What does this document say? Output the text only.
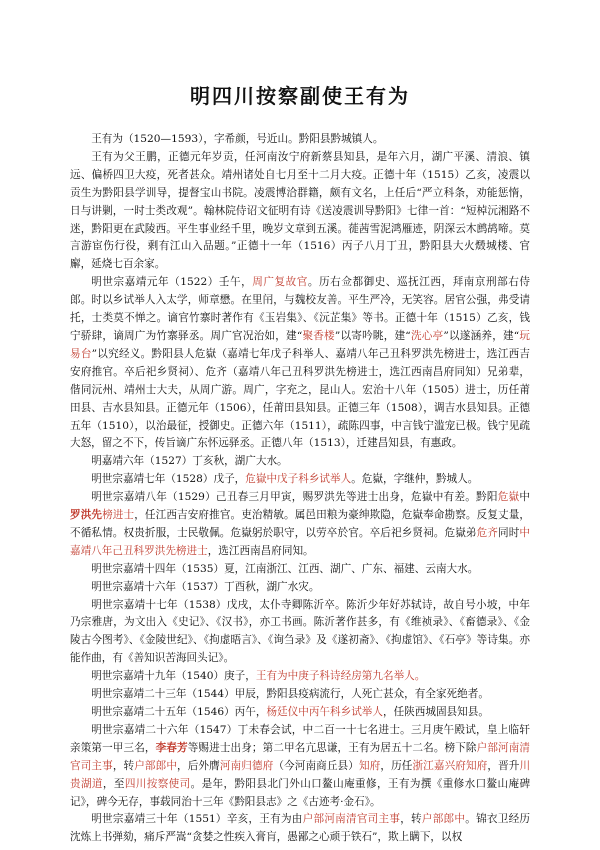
明四川按察副使王有为

王有为（1520—1593），字希颜，号近山。黔阳县黔城镇人。

王有为父王鹏，正德元年岁贡，任河南汝宁府新蔡县知县，是年六月，湖广平溪、清浪、镇远、偏桥四卫大疫，死者甚众。靖州诸处自七月至十二月大疫。正德十年（1515）乙亥，凌震以贡生为黔阳县学训导，提督宝山书院。凌震博洽群籍，颇有文名，上任后“严立科条，劝能惩惰，日与讲剿，一时士类改观”。翰林院侍诏文征明有诗《送凌震训导黔阳》七律一首：“短棹沅湘路不迷，黔阳更在武陵西。平生事业经千里，晚岁文章到五溪。蓰茜雪泥鸿雁迹，阴深云木鹧鸪啼。莫言游宦伤行役，剩有江山入品题。”正德十一年（1516）丙子八月丁丑，黔阳县大火燬城楼、官廨，延烧七百余家。

明世宗嘉靖元年（1522）壬午，周广复故官。历右佥都御史、巡抚江西，拜南京刑部右侍郎。时以乡试举人入太学，师章懋。在里闬，与魏校友善。平生严冷，无笑容。居官公强，弗受请托，士类莫不惮之。谪官竹寨时著作有《玉岩集》、《沅芷集》等书。正德十年（1515）乙亥，钱宁骄肆，谪周广为竹寨驿丞。周广官况治如，建“聚香楼”以寄吟眺，建“洗心亭”以遂涵养，建“玩易台”以究经义。黔阳县人危嶽（嘉靖七年戊子科举人、嘉靖八年己丑科罗洪先榜进士，选江西吉安府推官。卒后祀乡贤祠）、危齐（嘉靖八年己丑科罗洪先榜进士，选江西南昌府同知）兄弟辈，偕同沅州、靖州士大夫，从周广游。周广，字充之，昆山人。宏治十八年（1505）进士，历任莆田县、吉水县知县。正德元年（1506），任莆田县知县。正德三年（1508），调吉水县知县。正德五年（1510），以治最征，授御史。正德六年（1511），疏陈四事，中言钱宁滥宠已极。钱宁见疏大怒，留之不下，传旨谪广东怀远驿丞。正德八年（1513），迁建昌知县，有惠政。

明嘉靖六年（1527）丁亥秋，湖广大水。

明世宗嘉靖七年（1528）戊子，危嶽中戊子科乡试举人。危嶽，字继仲，黔城人。

明世宗嘉靖八年（1529）己丑春三月甲寅，赐罗洪先等进士出身，危嶽中有差。黔阳危嶽中罗洪先榜进士，任江西吉安府推官。吏治精敏。属邑田粮为豪绅欺隐，危嶽奉命勘察。反复丈量，不循私情。权贵折服，士民敬佩。危嶽躬於职守，以劳卒於官。卒后祀乡贤祠。危嶽弟危齐同时中嘉靖八年己丑科罗洪先榜进士，选江西南昌府同知。

明世宗嘉靖十四年（1535）夏，江南浙江、江西、湖广、广东、福建、云南大水。

明世宗嘉靖十六年（1537）丁酉秋，湖广水灾。

明世宗嘉靖十七年（1538）戊戌，太仆寺卿陈沂卒。陈沂少年好苏轼诗，故自号小坡，中年乃宗雅唐，为文出入《史记》、《汉书》，亦工书画。陈沂著作甚多，有《维祯录》、《畜德录》、《金陵古今图考》、《金陵世纪》、《拘虚晤言》、《询刍录》及《遂初斋》、《拘虚馆》、《石亭》等诗集。亦能作曲，有《善知识苦海回头记》。

明世宗嘉靖十九年（1540）庚子，王有为中庚子科诗经房第九名举人。

明世宗嘉靖二十三年（1544）甲辰，黔阳县疫病流行，人死亡甚众，有全家死绝者。

明世宗嘉靖二十五年（1546）丙午，杨廷仪中丙午科乡试举人，任陕西城固县知县。

明世宗嘉靖二十六年（1547）丁未春会试，中二百一十七名进士。三月庚午殿试，皇上临轩亲策第一甲三名，李春芳等赐进士出身；第二甲名亢思谦，王有为居五十二名。榜下除户部河南清官司主事，转户部郎中，后外膺河南归德府（今河南商丘县）知府，历任浙江嘉兴府知府，晋升川贵湖道，至四川按察使司。是年，黔阳县北门外山口鳌山庵重修，王有为撰《重修水口鳌山庵碑记》，碑今无存，事载同治十三年《黔阳县志》之《古迹考·金石》。

明世宗嘉靖三十年（1551）辛亥，王有为由户部河南清官司主事，转户部郎中。锦衣卫经历沈炼上书弹劾，痛斥严嵩“贪婪之性疾入膏肓，愚鄙之心顽于铁石”，欺上瞒下，以权
